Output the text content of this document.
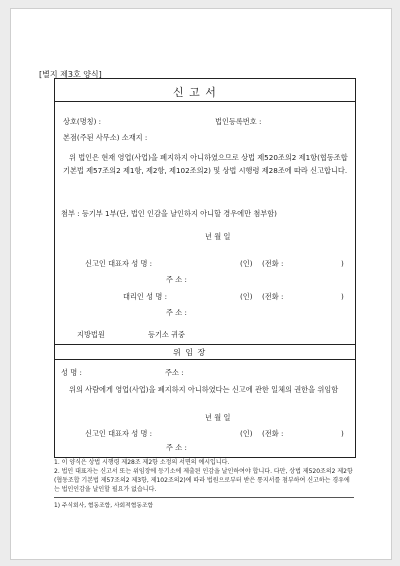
[별지 제3호 양식]
신 고 서
상호(명칭) :	법인등록번호 :
본점(주된 사무소) 소재지 :
위 법인은 현재 영업(사업)을 폐지하지 아니하였으므로 상법 제520조의2 제1항(협동조합 기본법 제57조의2 제1항, 제2항, 제102조의2) 및 상법 시행령 제28조에 따라 신고합니다.
첨부 : 등기부 1부(단, 법인 인감을 날인하지 아니할 경우에만 첨부함)
년 월 일
신고인 대표자 성 명 :	(인) (전화 :	)
주 소 :
대리인 성 명 :	(인) (전화 :	)
주 소 :
지방법원	등기소 귀중
위 임 장
성 명 :	주소 :
위의 사람에게 영업(사업)을 폐지하지 아니하였다는 신고에 관한 일체의 권한을 위임함
년 월 일
신고인 대표자 성 명 :	(인) (전화 :	)
주 소 :
1. 이 양식은 상법 시행령 제28조 제2항 소정의 서면의 예시입니다.
2. 법인 대표자는 신고서 또는 위임장에 등기소에 제출된 인감을 날인하여야 합니다. 다만, 상법 제520조의2 제2항(협동조합 기본법 제57조의2 제3항, 제102조의2)에 따라 법원으로부터 받은 통지서를 첨부하여 신고하는 경우에는 법인인감을 날인할 필요가 없습니다.
1) 주식회사, 협동조합, 사회적협동조합
